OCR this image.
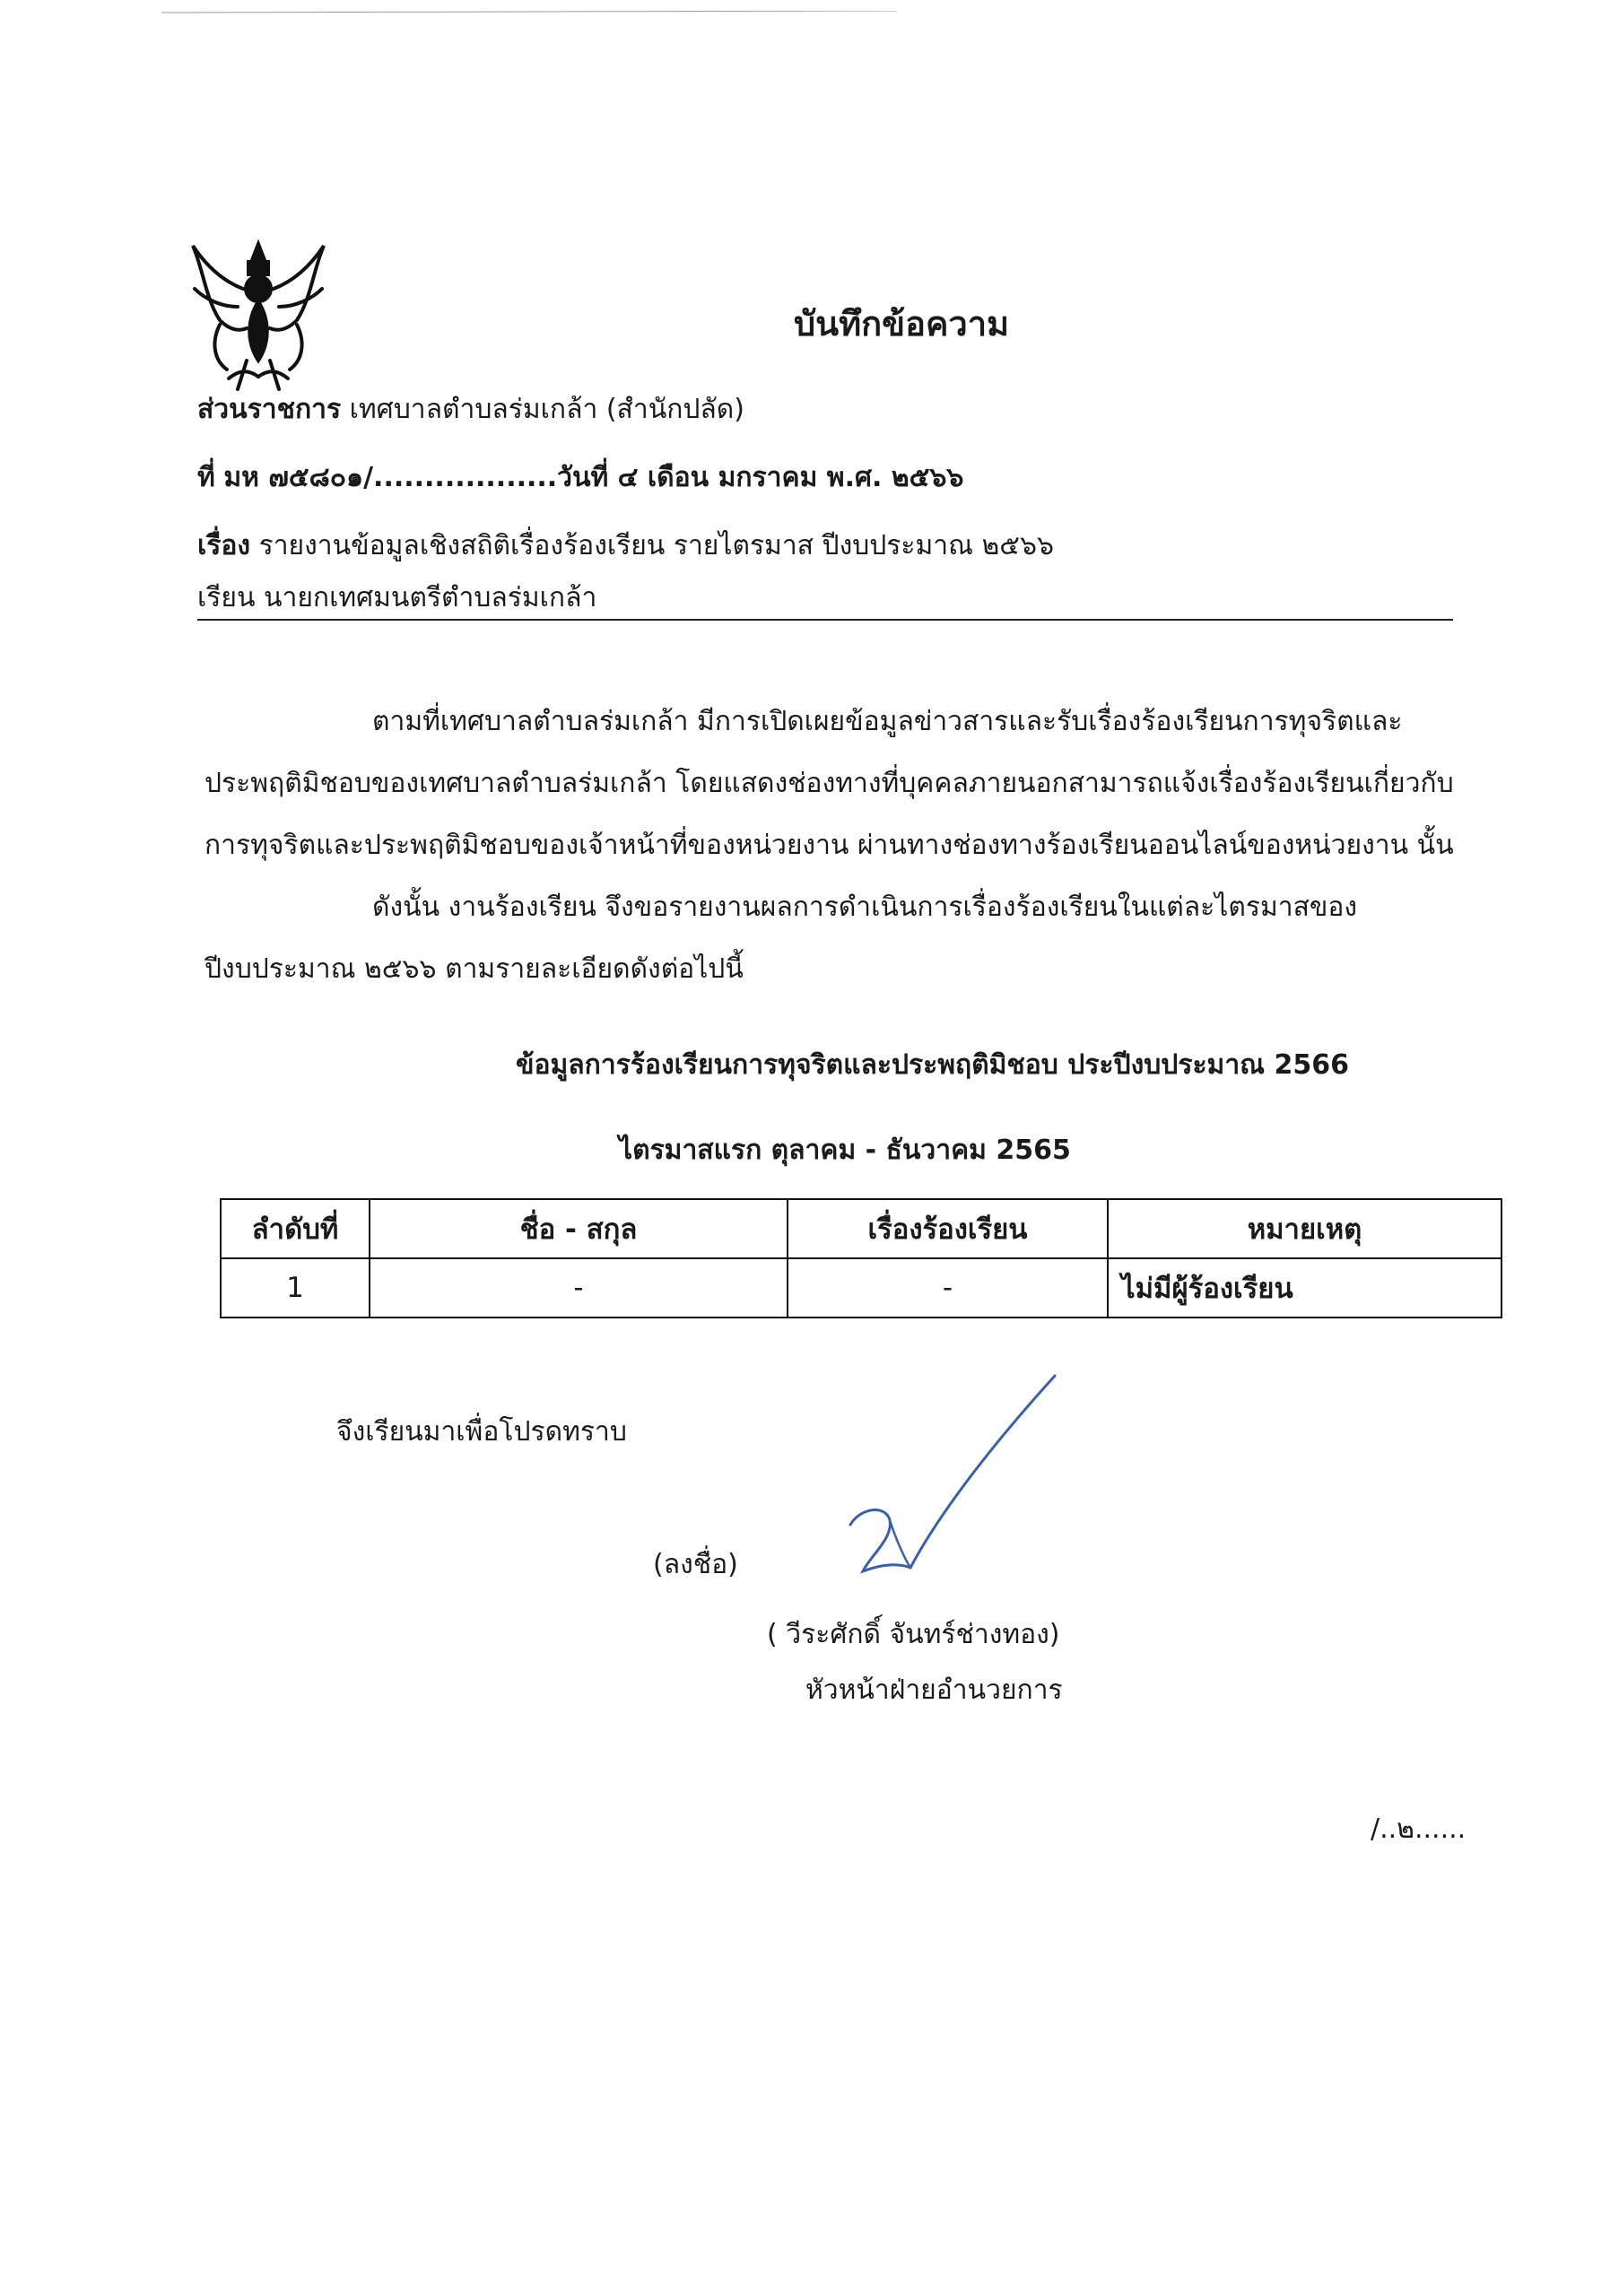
บันทึกข้อความ
ส่วนราชการ เทศบาลตำบลร่มเกล้า (สำนักปลัด)
ที่ มห ๗๕๘๐๑/..................วันที่ ๔ เดือน มกราคม พ.ศ. ๒๕๖๖
เรื่อง รายงานข้อมูลเชิงสถิติเรื่องร้องเรียน รายไตรมาส ปีงบประมาณ ๒๕๖๖
เรียน นายกเทศมนตรีตำบลร่มเกล้า
ตามที่เทศบาลตำบลร่มเกล้า มีการเปิดเผยข้อมูลข่าวสารและรับเรื่องร้องเรียนการทุจริตและ
ประพฤติมิชอบของเทศบาลตำบลร่มเกล้า โดยแสดงช่องทางที่บุคคลภายนอกสามารถแจ้งเรื่องร้องเรียนเกี่ยวกับ
การทุจริตและประพฤติมิชอบของเจ้าหน้าที่ของหน่วยงาน ผ่านทางช่องทางร้องเรียนออนไลน์ของหน่วยงาน นั้น
ดังนั้น งานร้องเรียน จึงขอรายงานผลการดำเนินการเรื่องร้องเรียนในแต่ละไตรมาสของ
ปีงบประมาณ ๒๕๖๖ ตามรายละเอียดดังต่อไปนี้
ข้อมูลการร้องเรียนการทุจริตและประพฤติมิชอบ ประปีงบประมาณ 2566
ไตรมาสแรก ตุลาคม - ธันวาคม 2565
ลำดับที่	ชื่อ - สกุล	เรื่องร้องเรียน	หมายเหตุ
1	-	-	ไม่มีผู้ร้องเรียน
จึงเรียนมาเพื่อโปรดทราบ
(ลงชื่อ)
( วีระศักดิ์ จันทร์ช่างทอง)
หัวหน้าฝ่ายอำนวยการ
/..๒......
